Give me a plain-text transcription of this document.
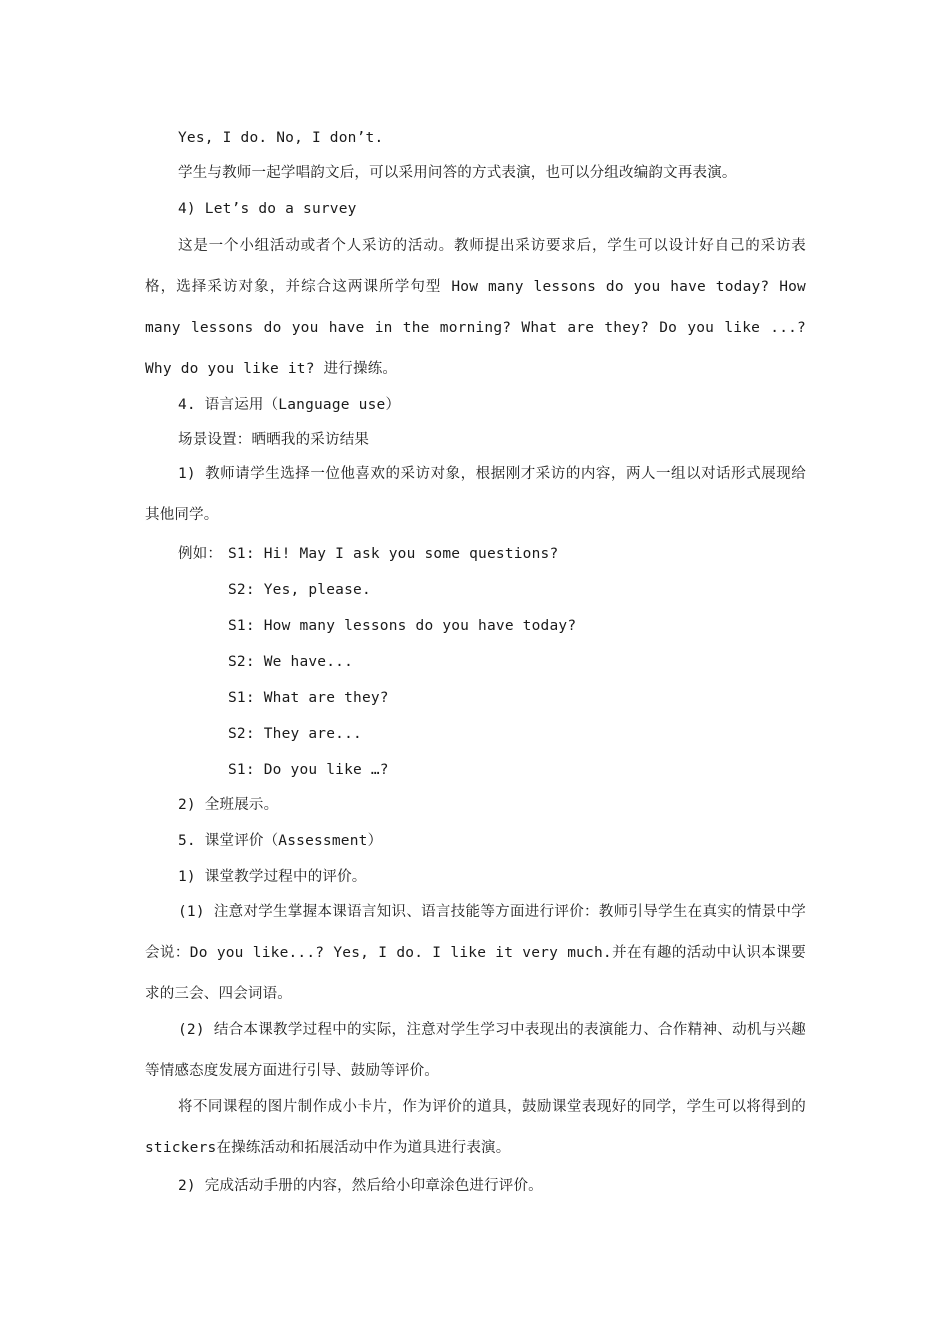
Yes, I do. No, I don’t.
学生与教师一起学唱韵文后，可以采用问答的方式表演，也可以分组改编韵文再表演。
4) Let’s do a survey
这是一个小组活动或者个人采访的活动。教师提出采访要求后，学生可以设计好自己的采访表格，选择采访对象，并综合这两课所学句型 How many lessons do you have today? How many lessons do you have in the morning? What are they? Do you like ...? Why do you like it? 进行操练。
4. 语言运用（Language use）
场景设置：晒晒我的采访结果
1) 教师请学生选择一位他喜欢的采访对象，根据刚才采访的内容，两人一组以对话形式展现给其他同学。
例如： S1: Hi! May I ask you some questions?
S2: Yes, please.
S1: How many lessons do you have today?
S2: We have...
S1: What are they?
S2: They are...
S1: Do you like …?
2) 全班展示。
5. 课堂评价（Assessment）
1) 课堂教学过程中的评价。
(1) 注意对学生掌握本课语言知识、语言技能等方面进行评价：教师引导学生在真实的情景中学会说：Do you like...? Yes, I do. I like it very much.并在有趣的活动中认识本课要求的三会、四会词语。
(2) 结合本课教学过程中的实际，注意对学生学习中表现出的表演能力、合作精神、动机与兴趣等情感态度发展方面进行引导、鼓励等评价。
将不同课程的图片制作成小卡片，作为评价的道具，鼓励课堂表现好的同学，学生可以将得到的stickers在操练活动和拓展活动中作为道具进行表演。
2) 完成活动手册的内容，然后给小印章涂色进行评价。
